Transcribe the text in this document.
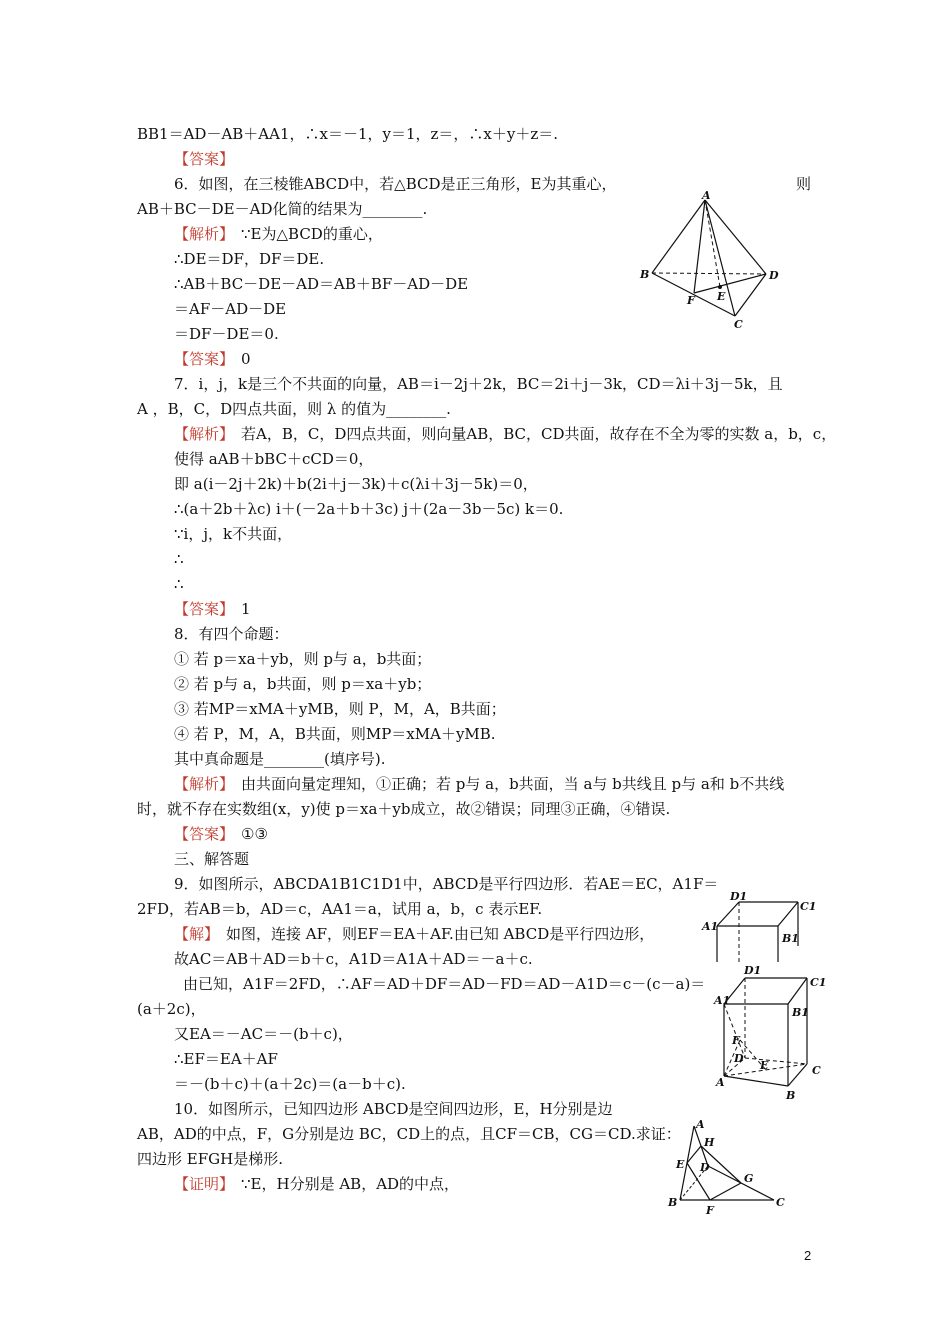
BB1＝AD－AB＋AA1，∴x＝－1，y＝1，z＝，∴x＋y＋z＝.
【答案】
6．如图，在三棱锥ABCD中，若△BCD是正三角形，E为其重心，	则
AB＋BC－DE－AD化简的结果为________.
【解析】 ∵E为△BCD的重心，
∴DE＝DF，DF＝DE.
∴AB＋BC－DE－AD＝AB＋BF－AD－DE
＝AF－AD－DE
＝DF－DE＝0.
【答案】 0
7．i，j，k是三个不共面的向量，AB＝i－2j＋2k，BC＝2i＋j－3k，CD＝λi＋3j－5k，且
A ，B，C，D四点共面，则 λ 的值为________.
【解析】 若A，B，C，D四点共面，则向量AB，BC，CD共面，故存在不全为零的实数 a，b，c，
使得 aAB＋bBC＋cCD＝0，
即 a(i－2j＋2k)＋b(2i＋j－3k)＋c(λi＋3j－5k)＝0，
∴(a＋2b＋λc) i＋(－2a＋b＋3c) j＋(2a－3b－5c) k＝0.
∵i，j，k不共面，
∴
∴
【答案】 1
8．有四个命题：
① 若 p＝xa＋yb，则 p与 a，b共面；
② 若 p与 a，b共面，则 p＝xa＋yb；
③ 若MP＝xMA＋yMB，则 P，M，A，B共面；
④ 若 P，M，A，B共面，则MP＝xMA＋yMB.
其中真命题是________(填序号).
【解析】 由共面向量定理知，①正确；若 p与 a，b共面，当 a与 b共线且 p与 a和 b不共线
时，就不存在实数组(x，y)使 p＝xa＋yb成立，故②错误；同理③正确，④错误.
【答案】 ①③
三、解答题
9．如图所示，ABCDA1B1C1D1中，ABCD是平行四边形．若AE＝EC，A1F＝
2FD，若AB＝b，AD＝c，AA1＝a，试用 a，b，c 表示EF.
【解】 如图，连接 AF，则EF＝EA＋AF.由已知 ABCD是平行四边形，
故AC＝AB＋AD＝b＋c，A1D＝A1A＋AD＝－a＋c.
由已知，A1F＝2FD，∴AF＝AD＋DF＝AD－FD＝AD－A1D＝c－(c－a)＝
(a＋2c)，
又EA＝－AC＝－(b＋c)，
∴EF＝EA＋AF
＝－(b＋c)＋(a＋2c)＝(a－b＋c).
10．如图所示，已知四边形 ABCD是空间四边形，E，H分别是边
AB，AD的中点，F，G分别是边 BC，CD上的点，且CF＝CB，CG＝CD.求证：
四边形 EFGH是梯形.
【证明】 ∵E，H分别是 AB，AD的中点，
2
A
B
C
D
E
F
D1
C1
A1
B1
D1
C1
A1
B1
D
C
A
B
E
F
A
B	C
D
E
F
G
H
